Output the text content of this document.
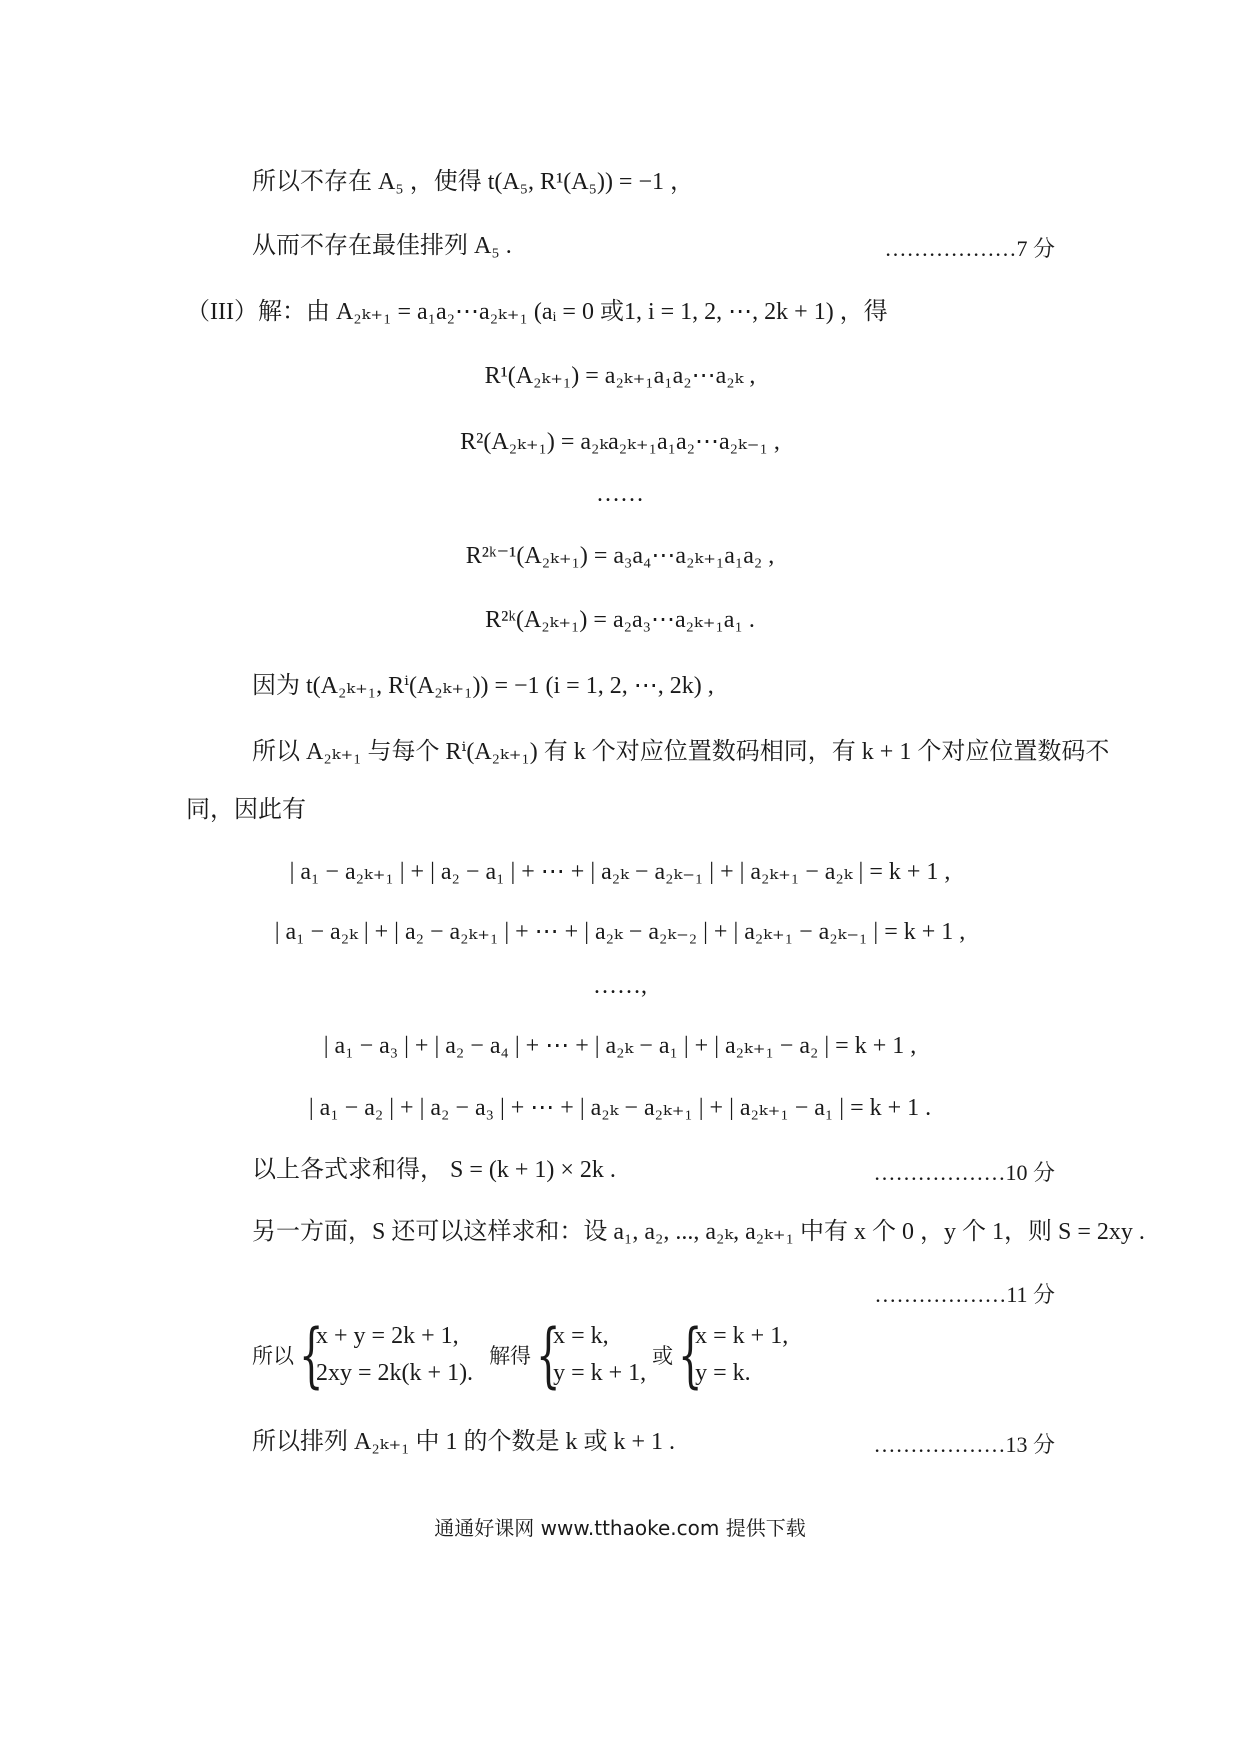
所以不存在 A₅ ，使得 t(A₅, R¹(A₅)) = −1 ，
从而不存在最佳排列 A₅ .	………………7 分
（III）解：由 A₂ₖ₊₁ = a₁a₂⋯a₂ₖ₊₁ (aᵢ = 0 或1, i = 1, 2, ⋯, 2k + 1) ，得
R¹(A₂ₖ₊₁) = a₂ₖ₊₁a₁a₂⋯a₂ₖ ,
R²(A₂ₖ₊₁) = a₂ₖa₂ₖ₊₁a₁a₂⋯a₂ₖ₋₁ ,
……
R²ᵏ⁻¹(A₂ₖ₊₁) = a₃a₄⋯a₂ₖ₊₁a₁a₂ ,
R²ᵏ(A₂ₖ₊₁) = a₂a₃⋯a₂ₖ₊₁a₁ .
因为 t(A₂ₖ₊₁, Rⁱ(A₂ₖ₊₁)) = −1 (i = 1, 2, ⋯, 2k) ,
所以 A₂ₖ₊₁ 与每个 Rⁱ(A₂ₖ₊₁) 有 k 个对应位置数码相同，有 k + 1 个对应位置数码不
同，因此有
| a₁ − a₂ₖ₊₁ | + | a₂ − a₁ | + ⋯ + | a₂ₖ − a₂ₖ₋₁ | + | a₂ₖ₊₁ − a₂ₖ | = k + 1 ,
| a₁ − a₂ₖ | + | a₂ − a₂ₖ₊₁ | + ⋯ + | a₂ₖ − a₂ₖ₋₂ | + | a₂ₖ₊₁ − a₂ₖ₋₁ | = k + 1 ,
……,
| a₁ − a₃ | + | a₂ − a₄ | + ⋯ + | a₂ₖ − a₁ | + | a₂ₖ₊₁ − a₂ | = k + 1 ,
| a₁ − a₂ | + | a₂ − a₃ | + ⋯ + | a₂ₖ − a₂ₖ₊₁ | + | a₂ₖ₊₁ − a₁ | = k + 1 .
以上各式求和得， S = (k + 1) × 2k .	………………10 分
另一方面，S 还可以这样求和：设 a₁, a₂, ..., a₂ₖ, a₂ₖ₊₁ 中有 x 个 0 ，y 个 1，则 S = 2xy .
………………11 分
所以 {
x + y = 2k + 1,
2xy = 2k(k + 1).
解得 {
x = k,
y = k + 1,
或 {
x = k + 1,
y = k.
所以排列 A₂ₖ₊₁ 中 1 的个数是 k 或 k + 1 .	………………13 分
通通好课网 www.tthaoke.com 提供下载
